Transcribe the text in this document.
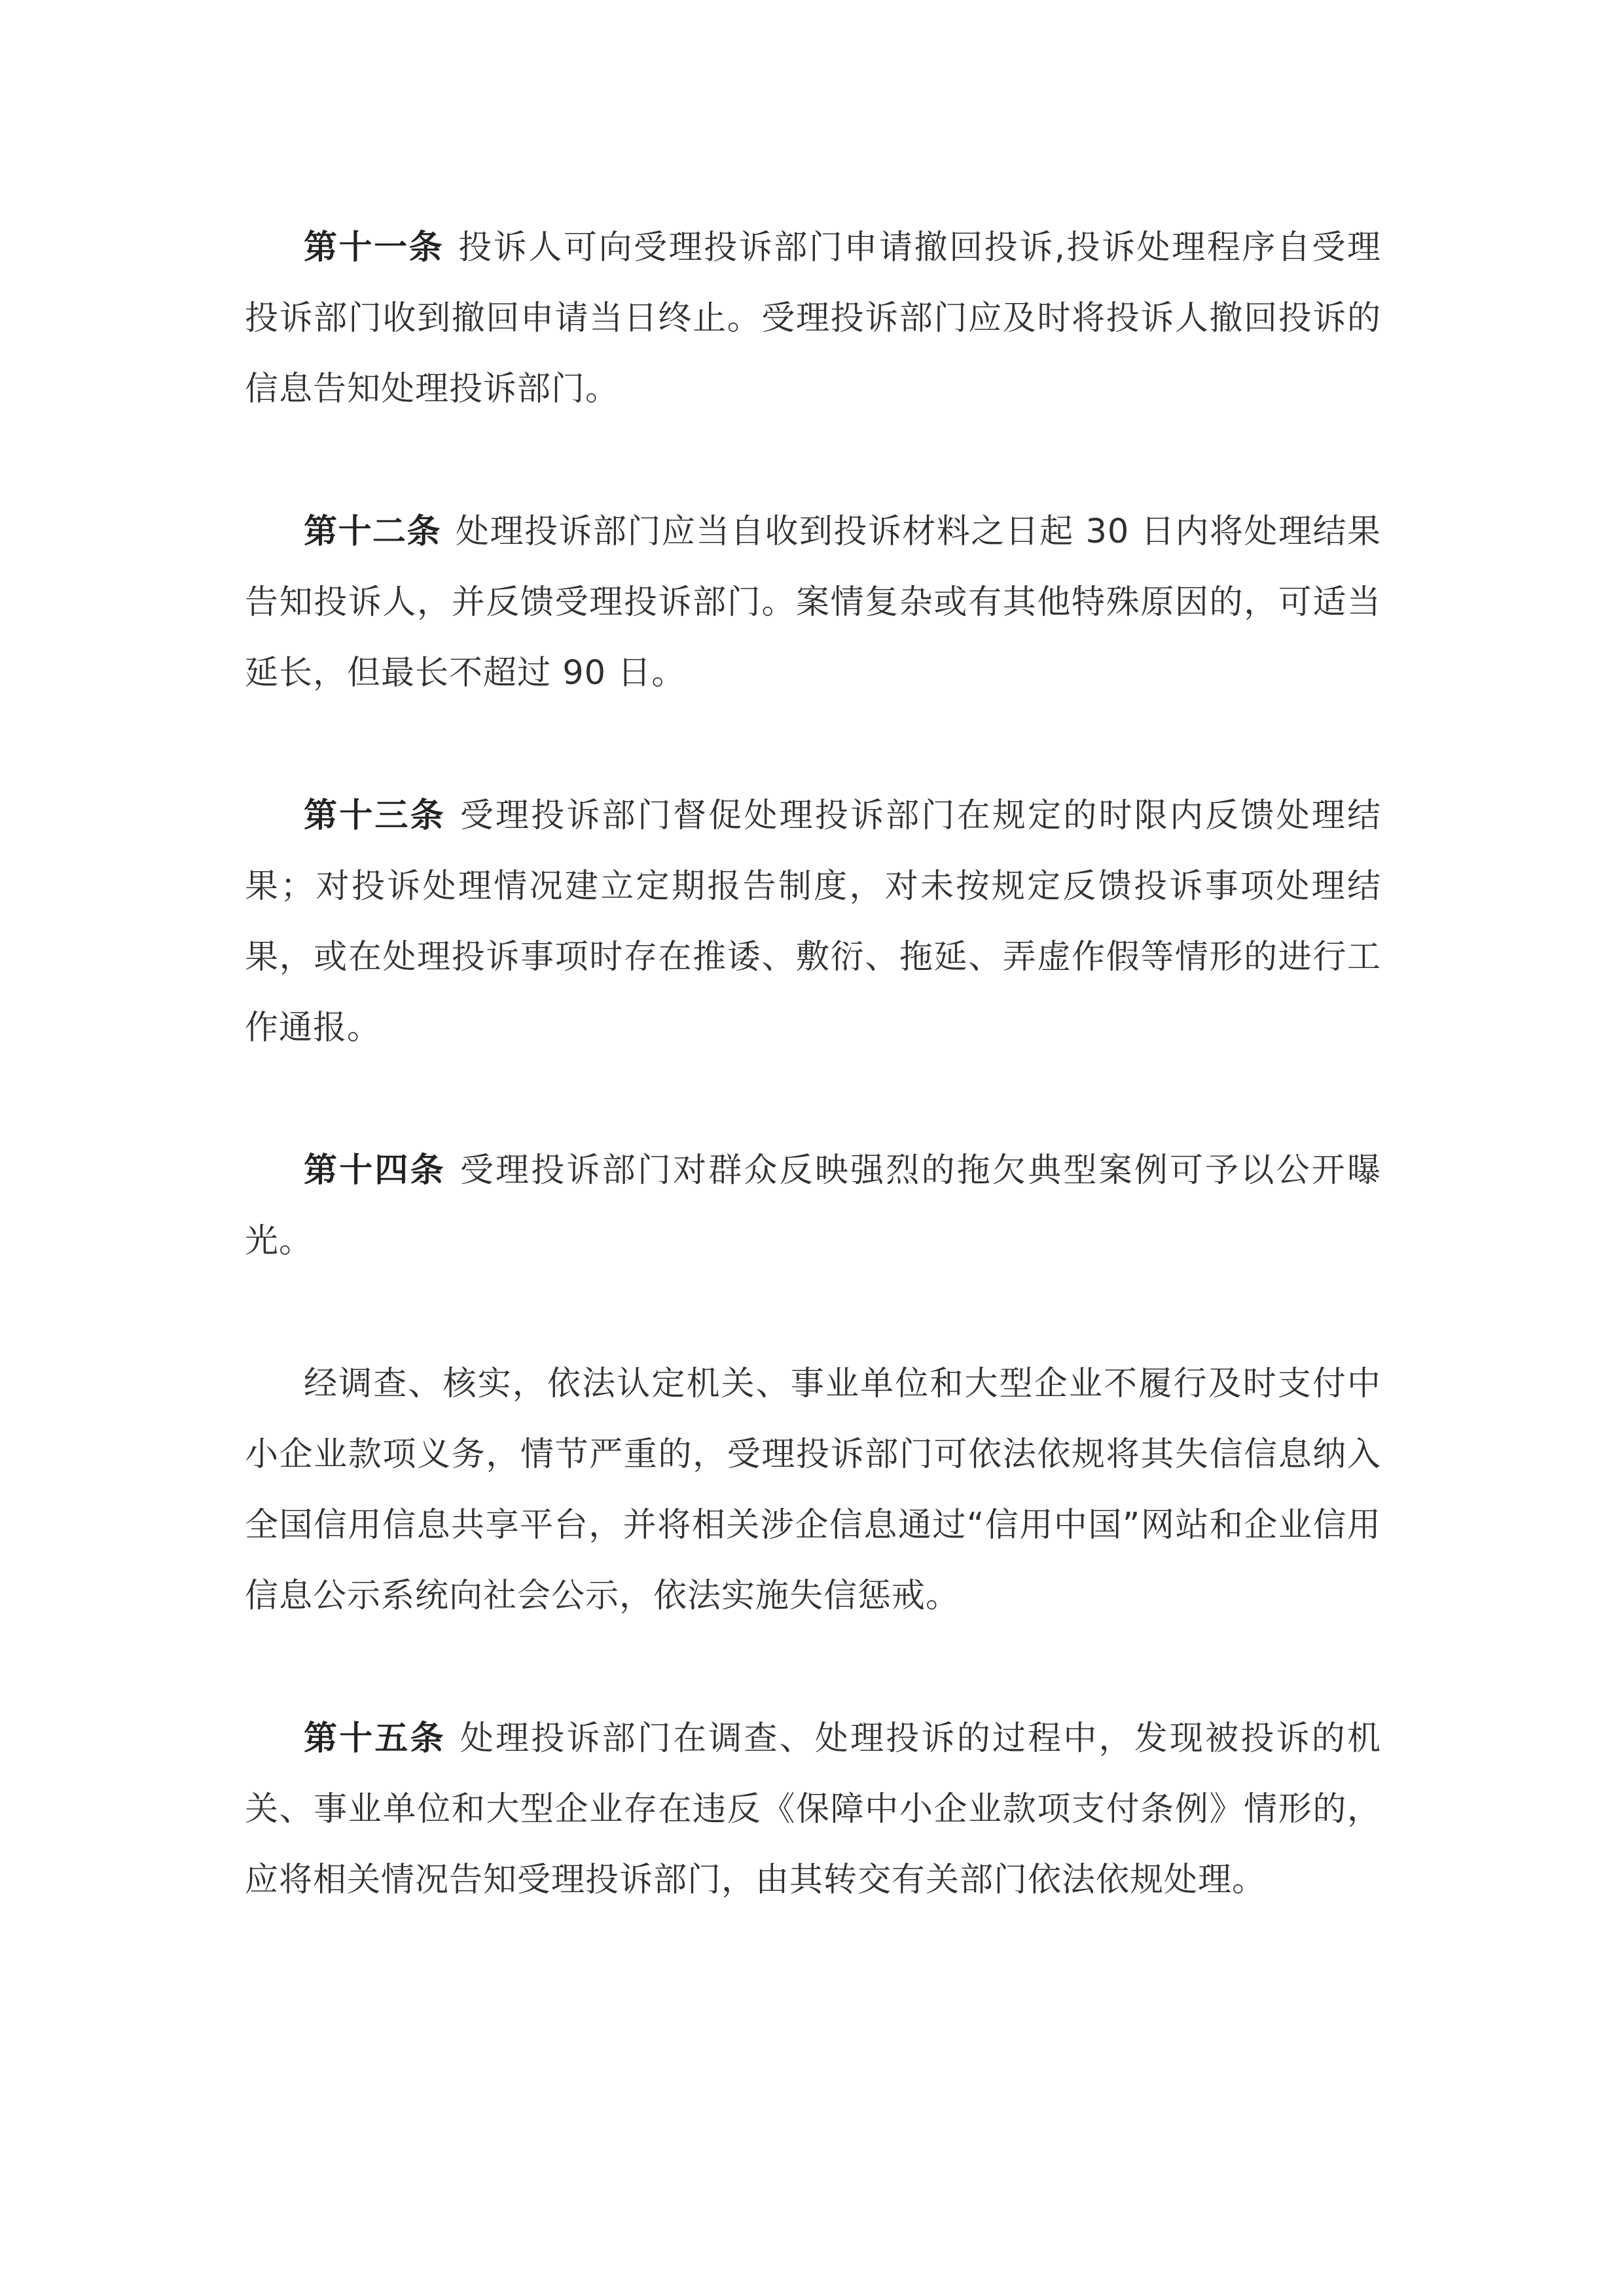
第十一条 投诉人可向受理投诉部门申请撤回投诉,投诉处理程序自受理投诉部门收到撤回申请当日终止。受理投诉部门应及时将投诉人撤回投诉的信息告知处理投诉部门。

第十二条 处理投诉部门应当自收到投诉材料之日起 30 日内将处理结果告知投诉人，并反馈受理投诉部门。案情复杂或有其他特殊原因的，可适当延长，但最长不超过 90 日。

第十三条 受理投诉部门督促处理投诉部门在规定的时限内反馈处理结果；对投诉处理情况建立定期报告制度，对未按规定反馈投诉事项处理结果，或在处理投诉事项时存在推诿、敷衍、拖延、弄虚作假等情形的进行工作通报。

第十四条 受理投诉部门对群众反映强烈的拖欠典型案例可予以公开曝光。

经调查、核实，依法认定机关、事业单位和大型企业不履行及时支付中小企业款项义务，情节严重的，受理投诉部门可依法依规将其失信信息纳入全国信用信息共享平台，并将相关涉企信息通过“信用中国”网站和企业信用信息公示系统向社会公示，依法实施失信惩戒。

第十五条 处理投诉部门在调查、处理投诉的过程中，发现被投诉的机关、事业单位和大型企业存在违反《保障中小企业款项支付条例》情形的，应将相关情况告知受理投诉部门，由其转交有关部门依法依规处理。
